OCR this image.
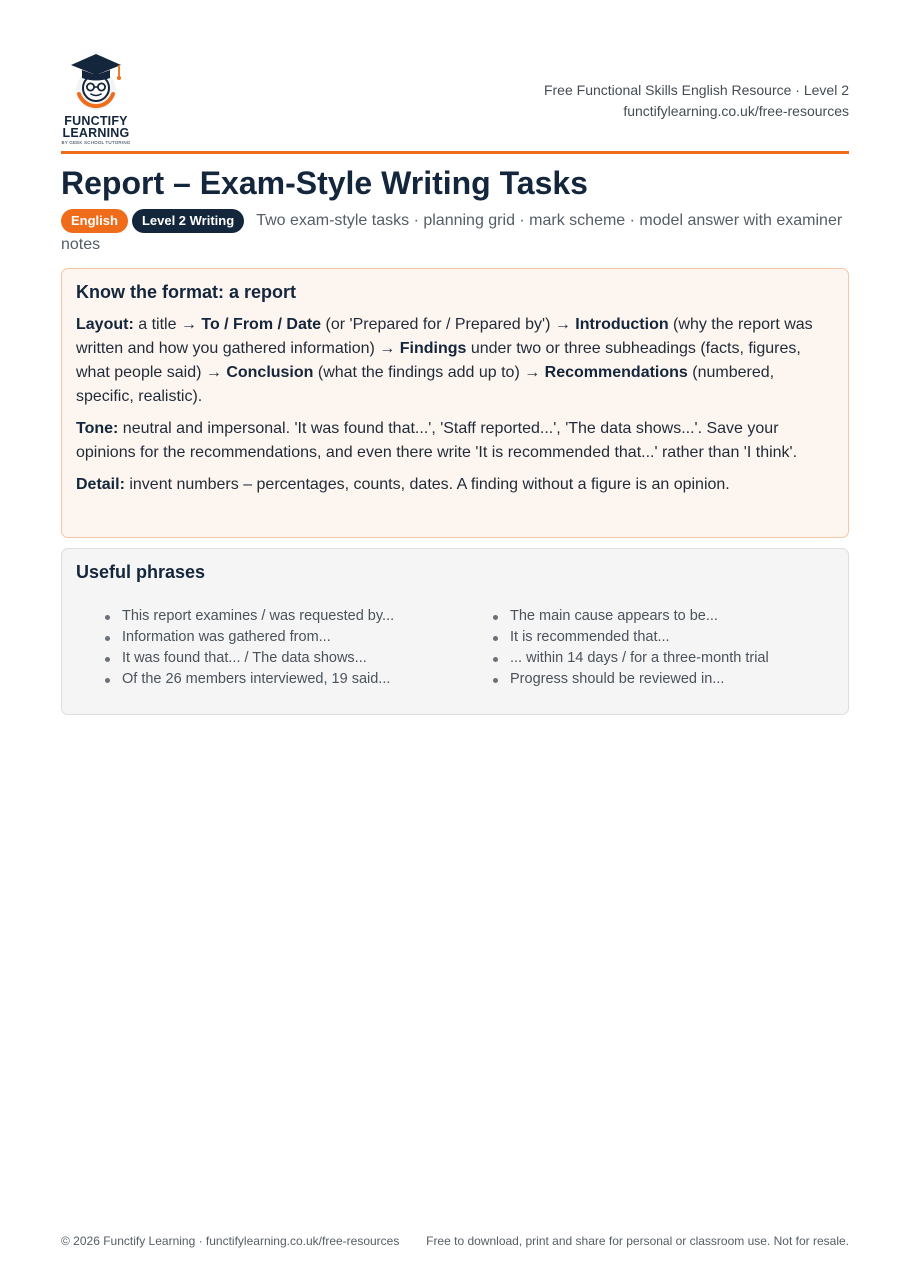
FUNCTIFY
LEARNING
BY GEEK SCHOOL TUTORING
Free Functional Skills English Resource · Level 2
functifylearning.co.uk/free-resources
Report – Exam-Style Writing Tasks
English Level 2 Writing Two exam-style tasks · planning grid · mark scheme · model answer with examiner notes
Know the format: a report

Layout: a title → To / From / Date (or 'Prepared for / Prepared by') → Introduction (why the report was written and how you gathered information) → Findings under two or three subheadings (facts, figures, what people said) → Conclusion (what the findings add up to) → Recommendations (numbered, specific, realistic).

Tone: neutral and impersonal. 'It was found that...', 'Staff reported...', 'The data shows...'. Save your opinions for the recommendations, and even there write 'It is recommended that...' rather than 'I think'.

Detail: invent numbers – percentages, counts, dates. A finding without a figure is an opinion.

Useful phrases
This report examines / was requested by...
Information was gathered from...
It was found that... / The data shows...
Of the 26 members interviewed, 19 said...
The main cause appears to be...
It is recommended that...
... within 14 days / for a three-month trial
Progress should be reviewed in...
© 2026 Functify Learning · functifylearning.co.uk/free-resources	Free to download, print and share for personal or classroom use. Not for resale.
